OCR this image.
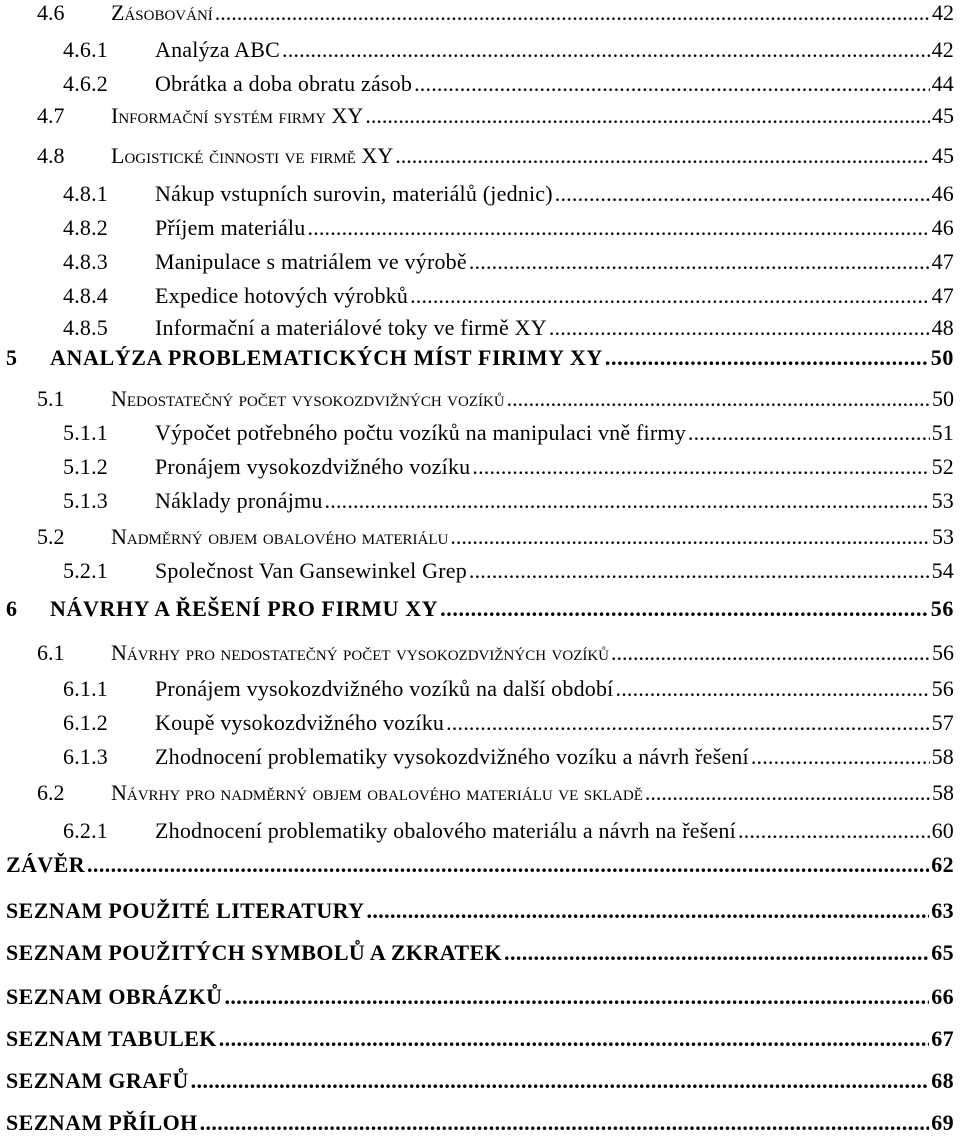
4.6	Zásobování .....	42
4.6.1	Analýza ABC .....	42
4.6.2	Obrátka a doba obratu zásob .....	44
4.7	Informační systém firmy XY .....	45
4.8	Logistické činnosti ve firmě XY .....	45
4.8.1	Nákup vstupních surovin, materiálů (jednic) .....	46
4.8.2	Příjem materiálu .....	46
4.8.3	Manipulace s matriálem ve výrobě .....	47
4.8.4	Expedice hotových výrobků .....	47
4.8.5	Informační a materiálové toky ve firmě XY .....	48
5	ANALÝZA PROBLEMATICKÝCH MÍST FIRIMY XY .....	50
5.1	Nedostatečný počet vysokozdvižných vozíků .....	50
5.1.1	Výpočet potřebného počtu vozíků na manipulaci vně firmy .....	51
5.1.2	Pronájem vysokozdvižného vozíku .....	52
5.1.3	Náklady pronájmu .....	53
5.2	Nadměrný objem obalového materiálu .....	53
5.2.1	Společnost Van Gansewinkel Grep .....	54
6	NÁVRHY A ŘEŠENÍ PRO FIRMU XY .....	56
6.1	Návrhy pro nedostatečný počet vysokozdvižných vozíků .....	56
6.1.1	Pronájem vysokozdvižného vozíků na další období .....	56
6.1.2	Koupě vysokozdvižného vozíku .....	57
6.1.3	Zhodnocení problematiky vysokozdvižného vozíku a návrh řešení .....	58
6.2	Návrhy pro nadměrný objem obalového materiálu ve skladě .....	58
6.2.1	Zhodnocení problematiky obalového materiálu a návrh na řešení .....	60
ZÁVĚR .....	62
SEZNAM POUŽITÉ LITERATURY .....	63
SEZNAM POUŽITÝCH SYMBOLŮ A ZKRATEK .....	65
SEZNAM OBRÁZKŮ .....	66
SEZNAM TABULEK .....	67
SEZNAM GRAFŮ .....	68
SEZNAM PŘÍLOH .....	69
